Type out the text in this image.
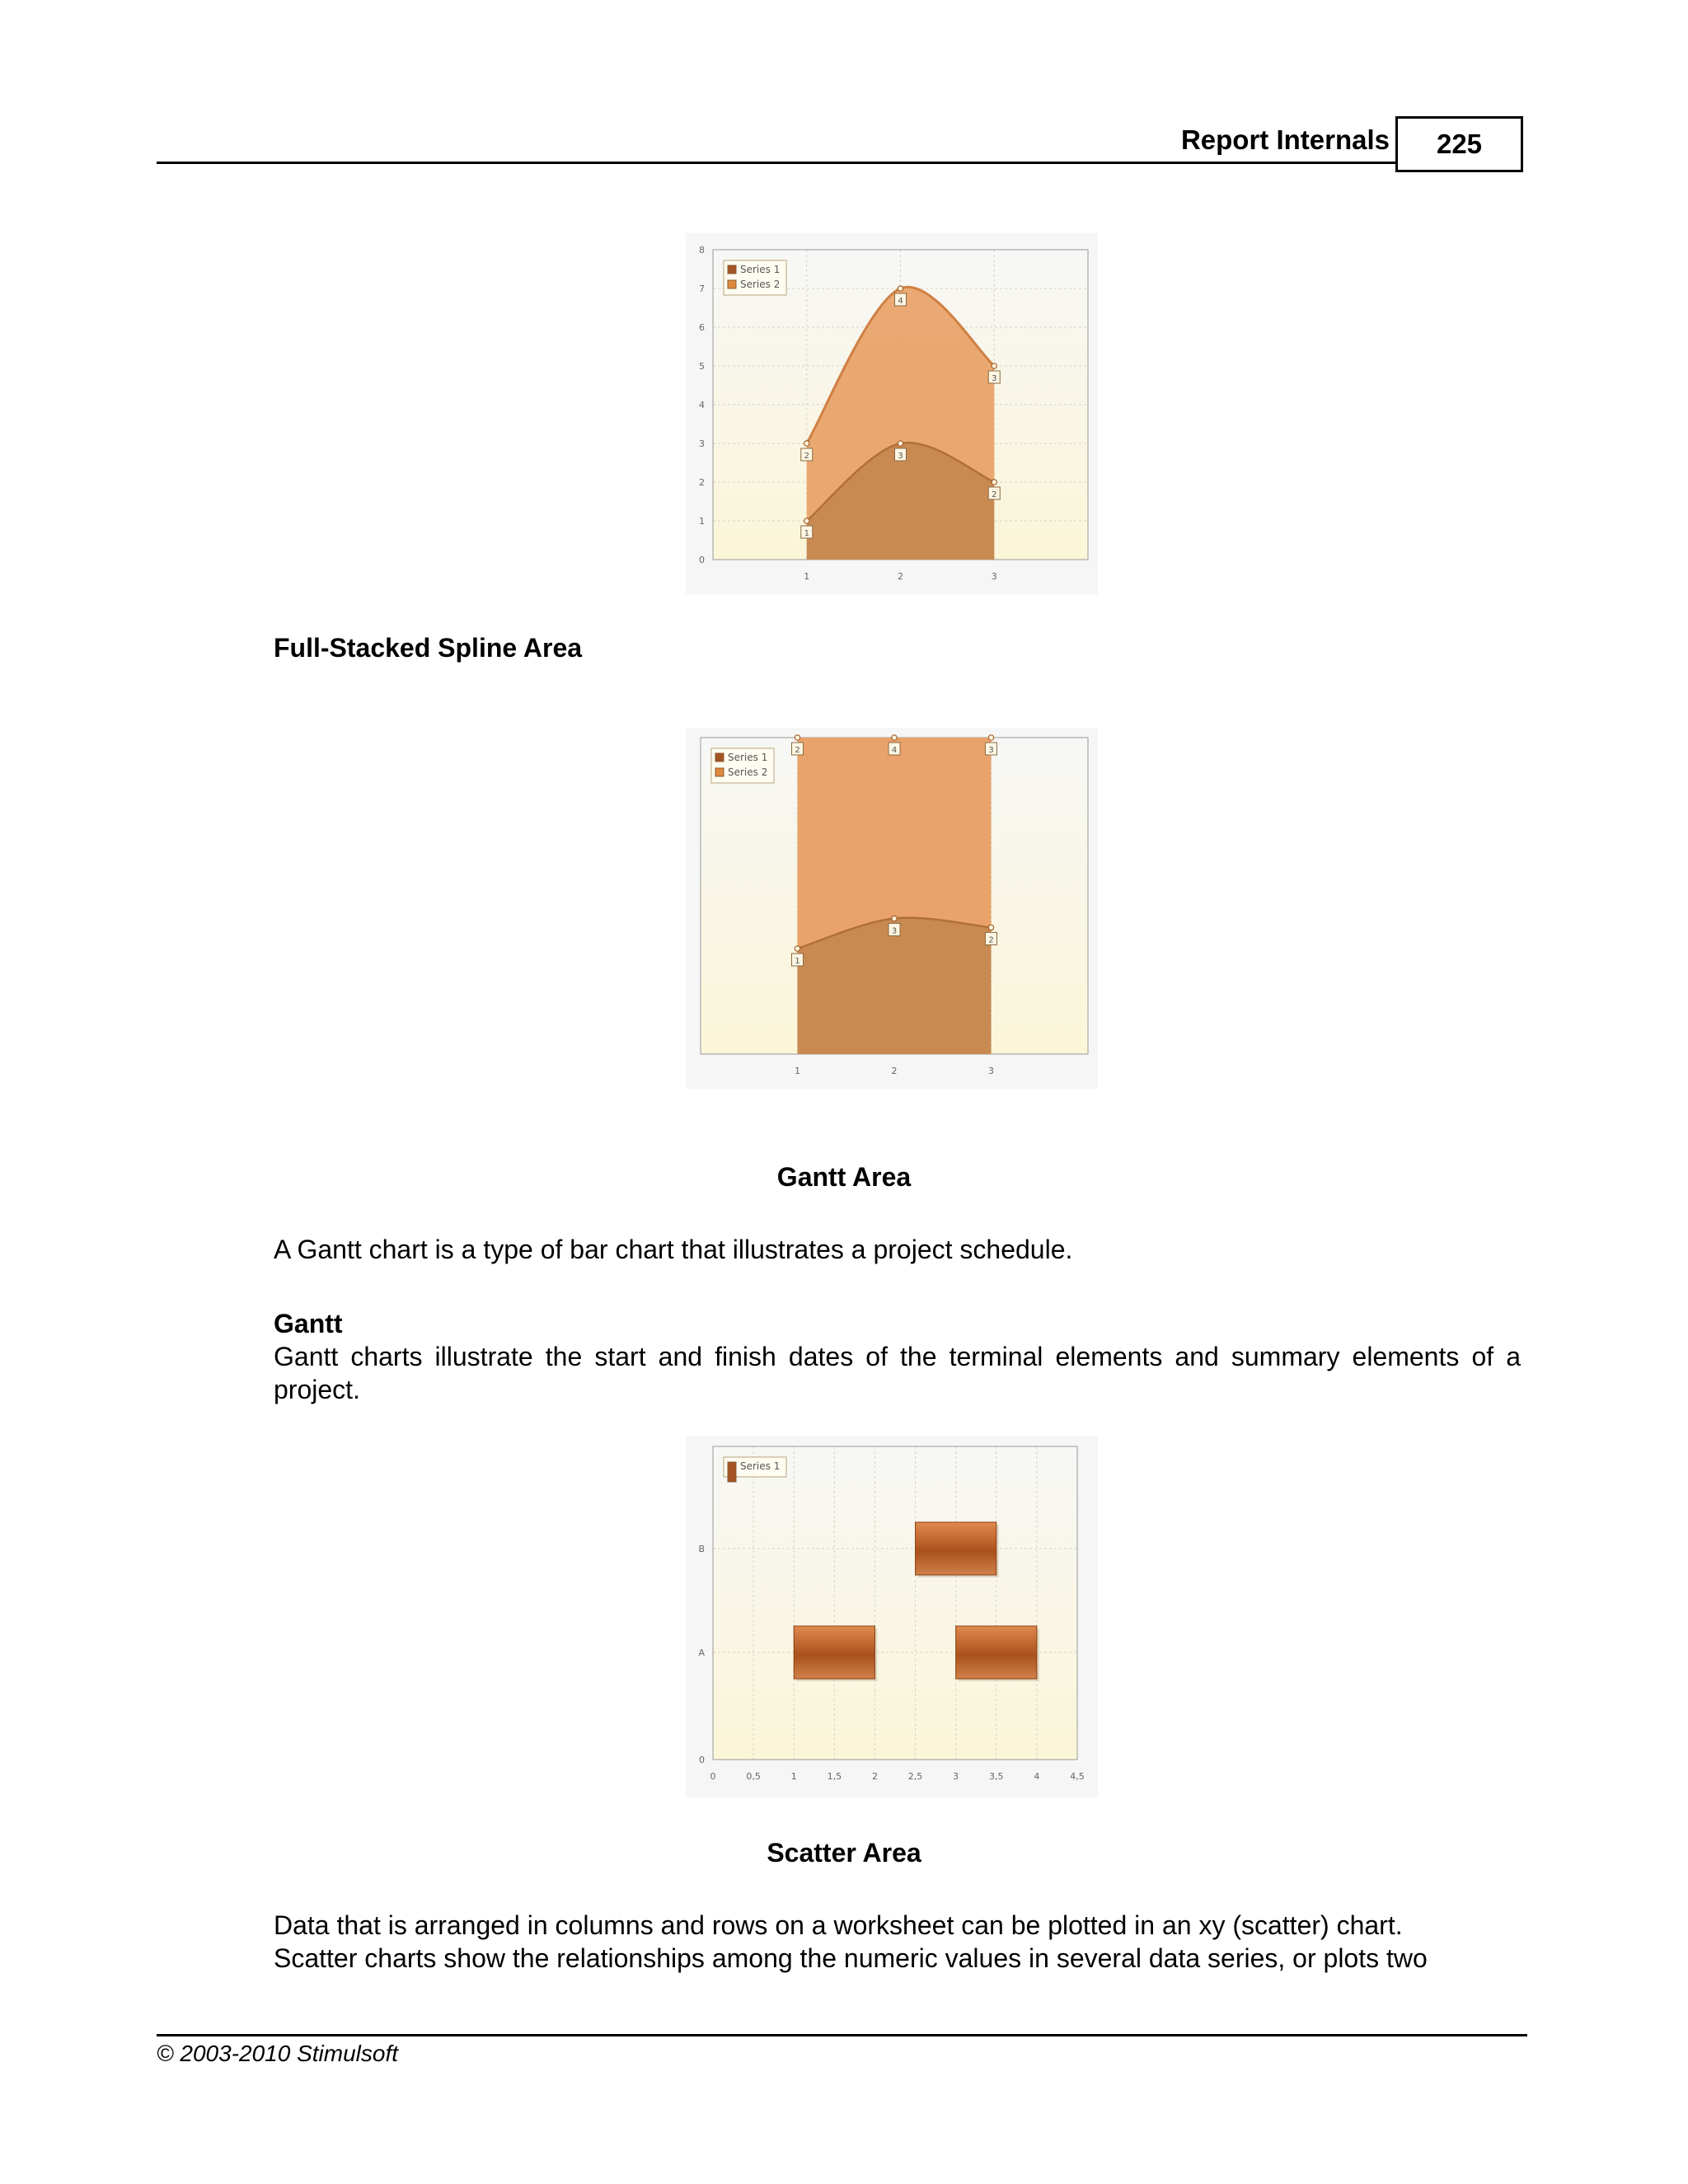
Report Internals	225
0
1
2
3
4
5
6
7
8
1	2	3
1
3
2
2
4
3
Series 1
Series 2
Full-Stacked Spline Area
1	2	3
1
3
2
2	4	3
Series 1
Series 2
Gantt Area
A Gantt chart is a type of bar chart that illustrates a project schedule.
Gantt
Gantt charts illustrate the start and finish dates of the terminal elements and summary elements of a
project.
0	0,5	1	1,5	2	2,5	3	3,5	4	4,5
0
A
B
Series 1
Scatter Area
Data that is arranged in columns and rows on a worksheet can be plotted in an xy (scatter) chart.
Scatter charts show the relationships among the numeric values in several data series, or plots two
© 2003-2010 Stimulsoft
